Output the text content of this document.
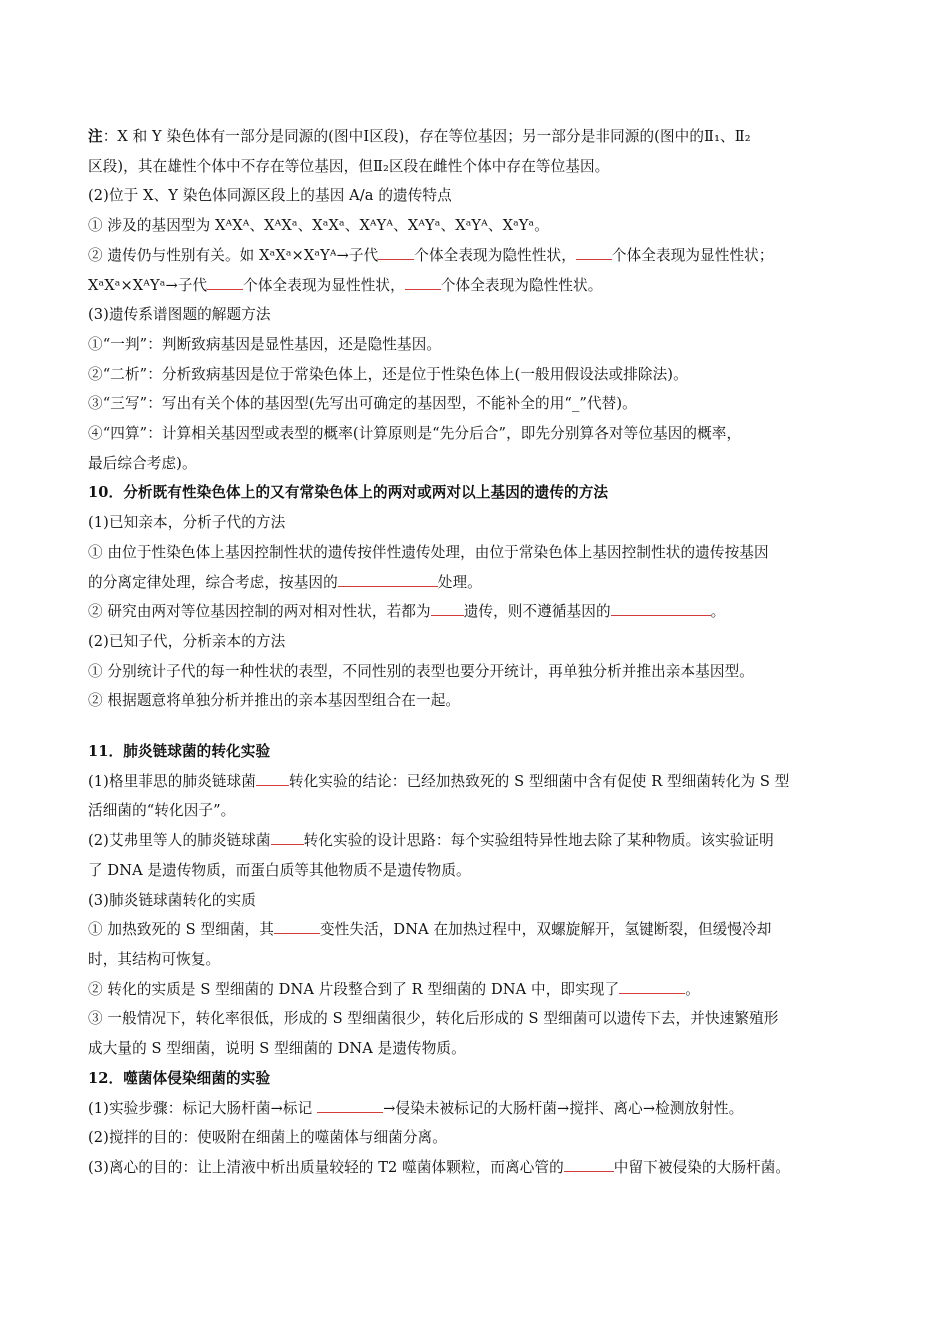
注：X 和 Y 染色体有一部分是同源的(图中Ⅰ区段)，存在等位基因；另一部分是非同源的(图中的Ⅱ₁、Ⅱ₂
区段)，其在雄性个体中不存在等位基因，但Ⅱ₂区段在雌性个体中存在等位基因。
(2)位于 X、Y 染色体同源区段上的基因 A/a 的遗传特点
① 涉及的基因型为 XᴬXᴬ、XᴬXᵃ、XᵃXᵃ、XᴬYᴬ、XᴬYᵃ、XᵃYᴬ、XᵃYᵃ。
② 遗传仍与性别有关。如 XᵃXᵃ×XᵃYᴬ→子代 个体全表现为隐性性状， 个体全表现为显性性状；
XᵃXᵃ×XᴬYᵃ→子代 个体全表现为显性性状， 个体全表现为隐性性状。
(3)遗传系谱图题的解题方法
①“一判”：判断致病基因是显性基因，还是隐性基因。
②“二析”：分析致病基因是位于常染色体上，还是位于性染色体上(一般用假设法或排除法)。
③“三写”：写出有关个体的基因型(先写出可确定的基因型，不能补全的用“_”代替)。
④“四算”：计算相关基因型或表型的概率(计算原则是“先分后合”，即先分别算各对等位基因的概率，
最后综合考虑)。
10．分析既有性染色体上的又有常染色体上的两对或两对以上基因的遗传的方法
(1)已知亲本，分析子代的方法
① 由位于性染色体上基因控制性状的遗传按伴性遗传处理，由位于常染色体上基因控制性状的遗传按基因
的分离定律处理，综合考虑，按基因的	处理。
② 研究由两对等位基因控制的两对相对性状，若都为 遗传，则不遵循基因的	。
(2)已知子代，分析亲本的方法
① 分别统计子代的每一种性状的表型，不同性别的表型也要分开统计，再单独分析并推出亲本基因型。
② 根据题意将单独分析并推出的亲本基因型组合在一起。
11．肺炎链球菌的转化实验
(1)格里菲思的肺炎链球菌 转化实验的结论：已经加热致死的 S 型细菌中含有促使 R 型细菌转化为 S 型
活细菌的“转化因子”。
(2)艾弗里等人的肺炎链球菌 转化实验的设计思路：每个实验组特异性地去除了某种物质。该实验证明
了 DNA 是遗传物质，而蛋白质等其他物质不是遗传物质。
(3)肺炎链球菌转化的实质
① 加热致死的 S 型细菌，其	变性失活，DNA 在加热过程中，双螺旋解开，氢键断裂，但缓慢冷却
时，其结构可恢复。
② 转化的实质是 S 型细菌的 DNA 片段整合到了 R 型细菌的 DNA 中，即实现了	。
③ 一般情况下，转化率很低，形成的 S 型细菌很少，转化后形成的 S 型细菌可以遗传下去，并快速繁殖形
成大量的 S 型细菌，说明 S 型细菌的 DNA 是遗传物质。
12．噬菌体侵染细菌的实验
(1)实验步骤：标记大肠杆菌→标记	→侵染未被标记的大肠杆菌→搅拌、离心→检测放射性。
(2)搅拌的目的：使吸附在细菌上的噬菌体与细菌分离。
(3)离心的目的：让上清液中析出质量较轻的 T2 噬菌体颗粒，而离心管的	中留下被侵染的大肠杆菌。
